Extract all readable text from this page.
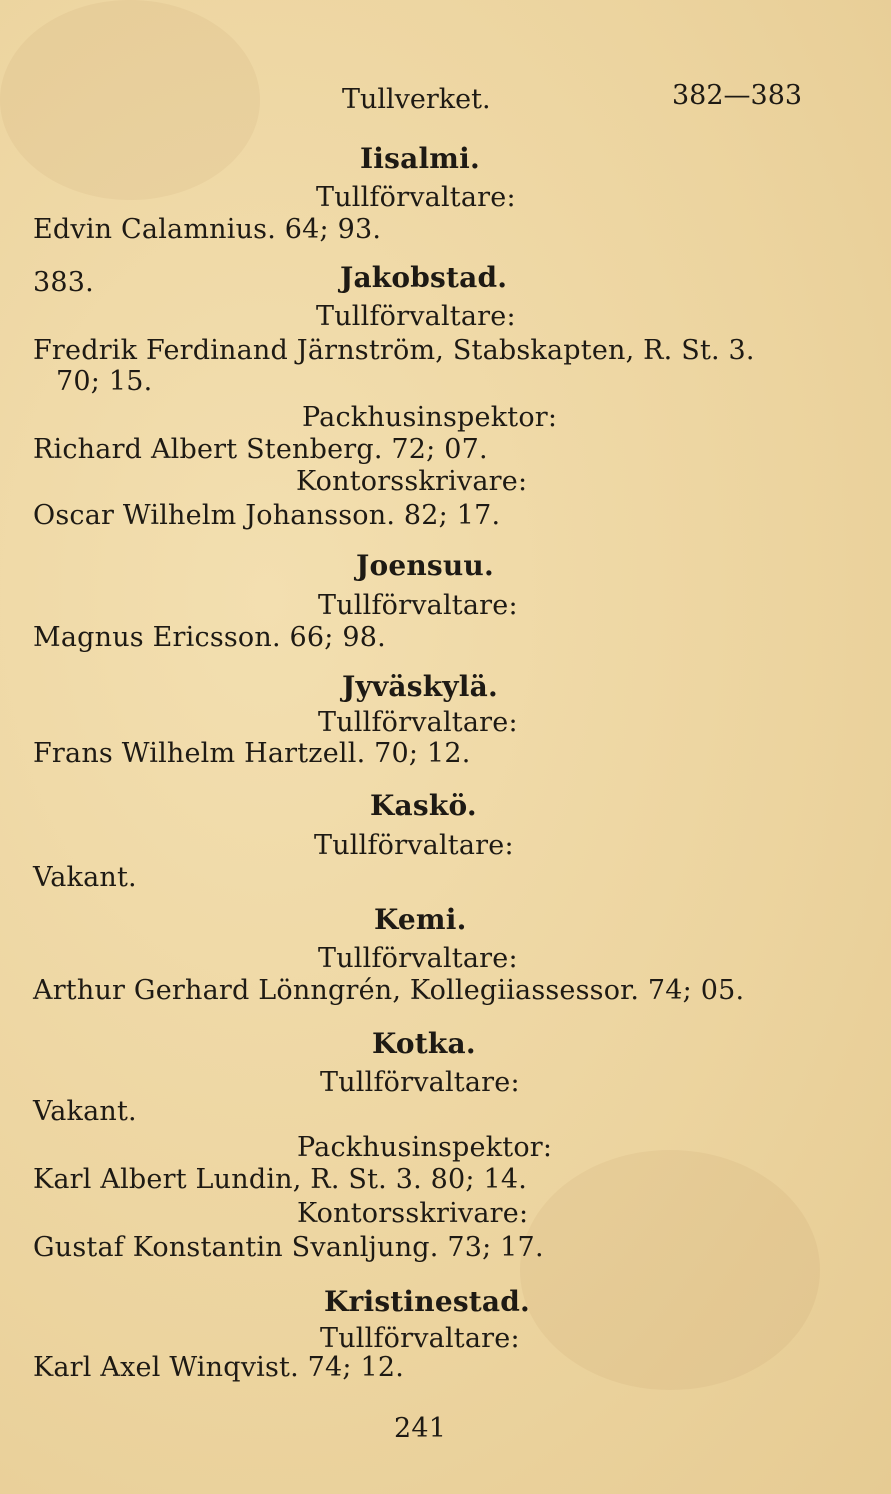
Tullverket.	382—383
Iisalmi.
Tullförvaltare:
Edvin Calamnius. 64; 93.
383.	Jakobstad.
Tullförvaltare:
Fredrik Ferdinand Järnström, Stabskapten, R. St. 3.
70; 15.
Packhusinspektor:
Richard Albert Stenberg. 72; 07.
Kontorsskrivare:
Oscar Wilhelm Johansson. 82; 17.
Joensuu.
Tullförvaltare:
Magnus Ericsson. 66; 98.
Jyväskylä.
Tullförvaltare:
Frans Wilhelm Hartzell. 70; 12.
Kaskö.
Tullförvaltare:
Vakant.
Kemi.
Tullförvaltare:
Arthur Gerhard Lönngrén, Kollegiiassessor. 74; 05.
Kotka.
Tullförvaltare:
Vakant.
Packhusinspektor:
Karl Albert Lundin, R. St. 3. 80; 14.
Kontorsskrivare:
Gustaf Konstantin Svanljung. 73; 17.
Kristinestad.
Tullförvaltare:
Karl Axel Winqvist. 74; 12.
241
